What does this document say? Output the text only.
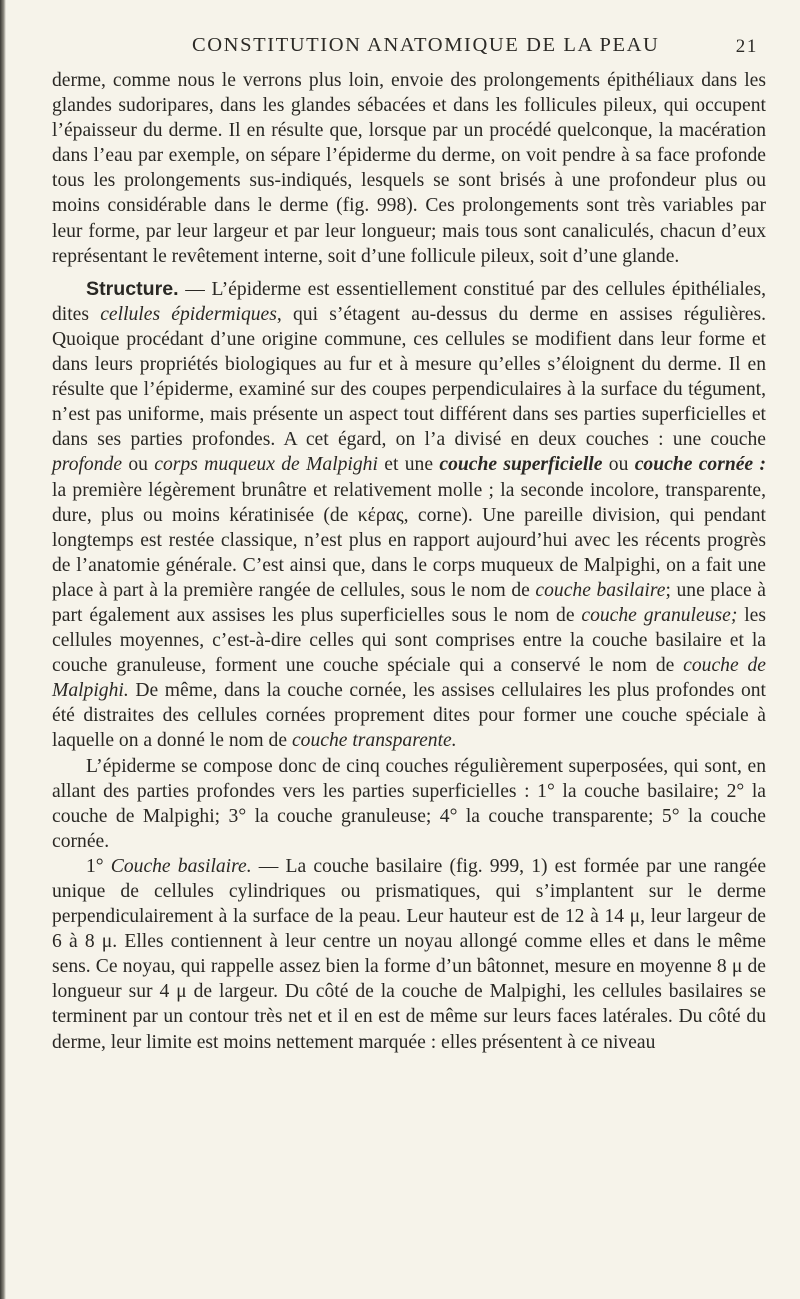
CONSTITUTION ANATOMIQUE DE LA PEAU	21

derme, comme nous le verrons plus loin, envoie des prolongements épithéliaux dans les glandes sudoripares, dans les glandes sébacées et dans les follicules pileux, qui occupent l’épaisseur du derme. Il en résulte que, lorsque par un procédé quelconque, la macération dans l’eau par exemple, on sépare l’épiderme du derme, on voit pendre à sa face profonde tous les prolongements sus-indiqués, lesquels se sont brisés à une profondeur plus ou moins considérable dans le derme (fig. 998). Ces prolongements sont très variables par leur forme, par leur largeur et par leur longueur; mais tous sont canaliculés, chacun d’eux représentant le revêtement interne, soit d’une follicule pileux, soit d’une glande.

Structure. — L’épiderme est essentiellement constitué par des cellules épithéliales, dites cellules épidermiques, qui s’étagent au-dessus du derme en assises régulières. Quoique procédant d’une origine commune, ces cellules se modifient dans leur forme et dans leurs propriétés biologiques au fur et à mesure qu’elles s’éloignent du derme. Il en résulte que l’épiderme, examiné sur des coupes perpendiculaires à la surface du tégument, n’est pas uniforme, mais présente un aspect tout différent dans ses parties superficielles et dans ses parties profondes. A cet égard, on l’a divisé en deux couches : une couche profonde ou corps muqueux de Malpighi et une couche superficielle ou couche cornée : la première légèrement brunâtre et relativement molle ; la seconde incolore, transparente, dure, plus ou moins kératinisée (de κέρας, corne). Une pareille division, qui pendant longtemps est restée classique, n’est plus en rapport aujourd’hui avec les récents progrès de l’anatomie générale. C’est ainsi que, dans le corps muqueux de Malpighi, on a fait une place à part à la première rangée de cellules, sous le nom de couche basilaire; une place à part également aux assises les plus superficielles sous le nom de couche granuleuse; les cellules moyennes, c’est-à-dire celles qui sont comprises entre la couche basilaire et la couche granuleuse, forment une couche spéciale qui a conservé le nom de couche de Malpighi. De même, dans la couche cornée, les assises cellulaires les plus profondes ont été distraites des cellules cornées proprement dites pour former une couche spéciale à laquelle on a donné le nom de couche transparente.

L’épiderme se compose donc de cinq couches régulièrement superposées, qui sont, en allant des parties profondes vers les parties superficielles : 1° la couche basilaire; 2° la couche de Malpighi; 3° la couche granuleuse; 4° la couche transparente; 5° la couche cornée.

1° Couche basilaire. — La couche basilaire (fig. 999, 1) est formée par une rangée unique de cellules cylindriques ou prismatiques, qui s’implantent sur le derme perpendiculairement à la surface de la peau. Leur hauteur est de 12 à 14 μ, leur largeur de 6 à 8 μ. Elles contiennent à leur centre un noyau allongé comme elles et dans le même sens. Ce noyau, qui rappelle assez bien la forme d’un bâtonnet, mesure en moyenne 8 μ de longueur sur 4 μ de largeur. Du côté de la couche de Malpighi, les cellules basilaires se terminent par un contour très net et il en est de même sur leurs faces latérales. Du côté du derme, leur limite est moins nettement marquée : elles présentent à ce niveau
